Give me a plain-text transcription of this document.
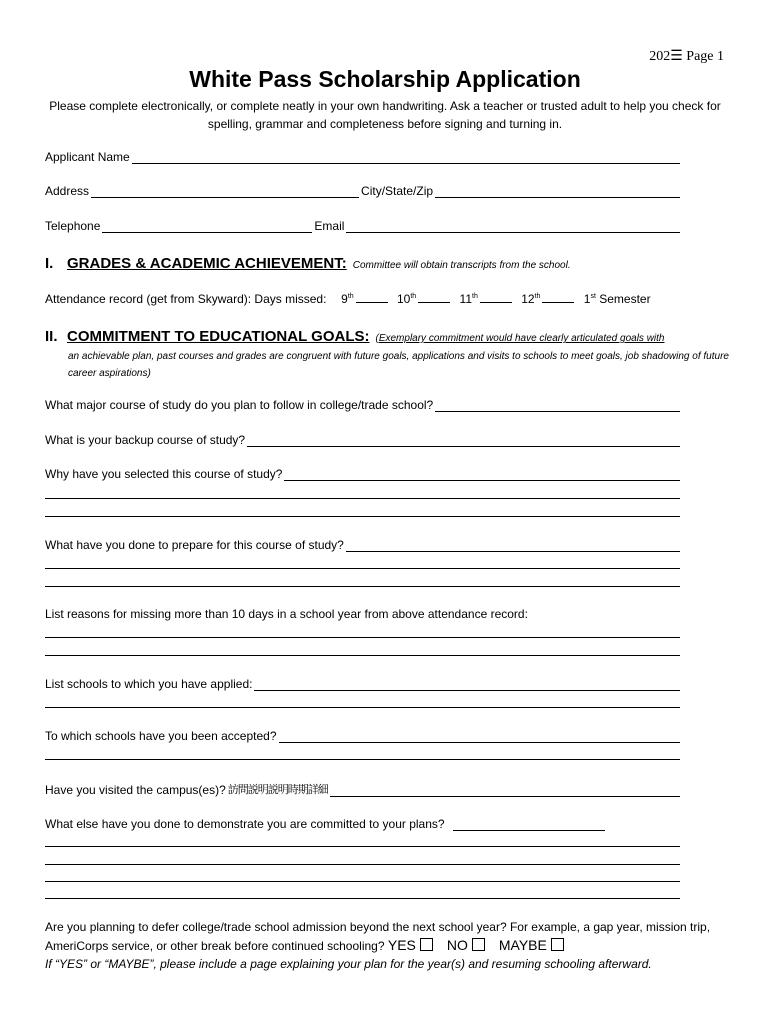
202☰ Page 1
White Pass Scholarship Application
Please complete electronically, or complete neatly in your own handwriting. Ask a teacher or trusted adult to help you check for spelling, grammar and completeness before signing and turning in.
Applicant Name
Address	City/State/Zip
Telephone	Email
I. GRADES & ACADEMIC ACHIEVEMENT: Committee will obtain transcripts from the school.
Attendance record (get from Skyward): Days missed: 9th	10th	11th	12th	1st Semester
II. COMMITMENT TO EDUCATIONAL GOALS: (Exemplary commitment would have clearly articulated goals with
an achievable plan, past courses and grades are congruent with future goals, applications and visits to schools to meet goals, job shadowing of future career aspirations)
What major course of study do you plan to follow in college/trade school?
What is your backup course of study?
Why have you selected this course of study?
What have you done to prepare for this course of study?
List reasons for missing more than 10 days in a school year from above attendance record:
List schools to which you have applied:
To which schools have you been accepted?
Have you visited the campus(es)? 訪問説明説明時期詳細
What else have you done to demonstrate you are committed to your plans?
Are you planning to defer college/trade school admission beyond the next school year? For example, a gap year, mission trip, AmeriCorps service, or other break before continued schooling? YES NO MAYBE
If “YES” or “MAYBE”, please include a page explaining your plan for the year(s) and resuming schooling afterward.
